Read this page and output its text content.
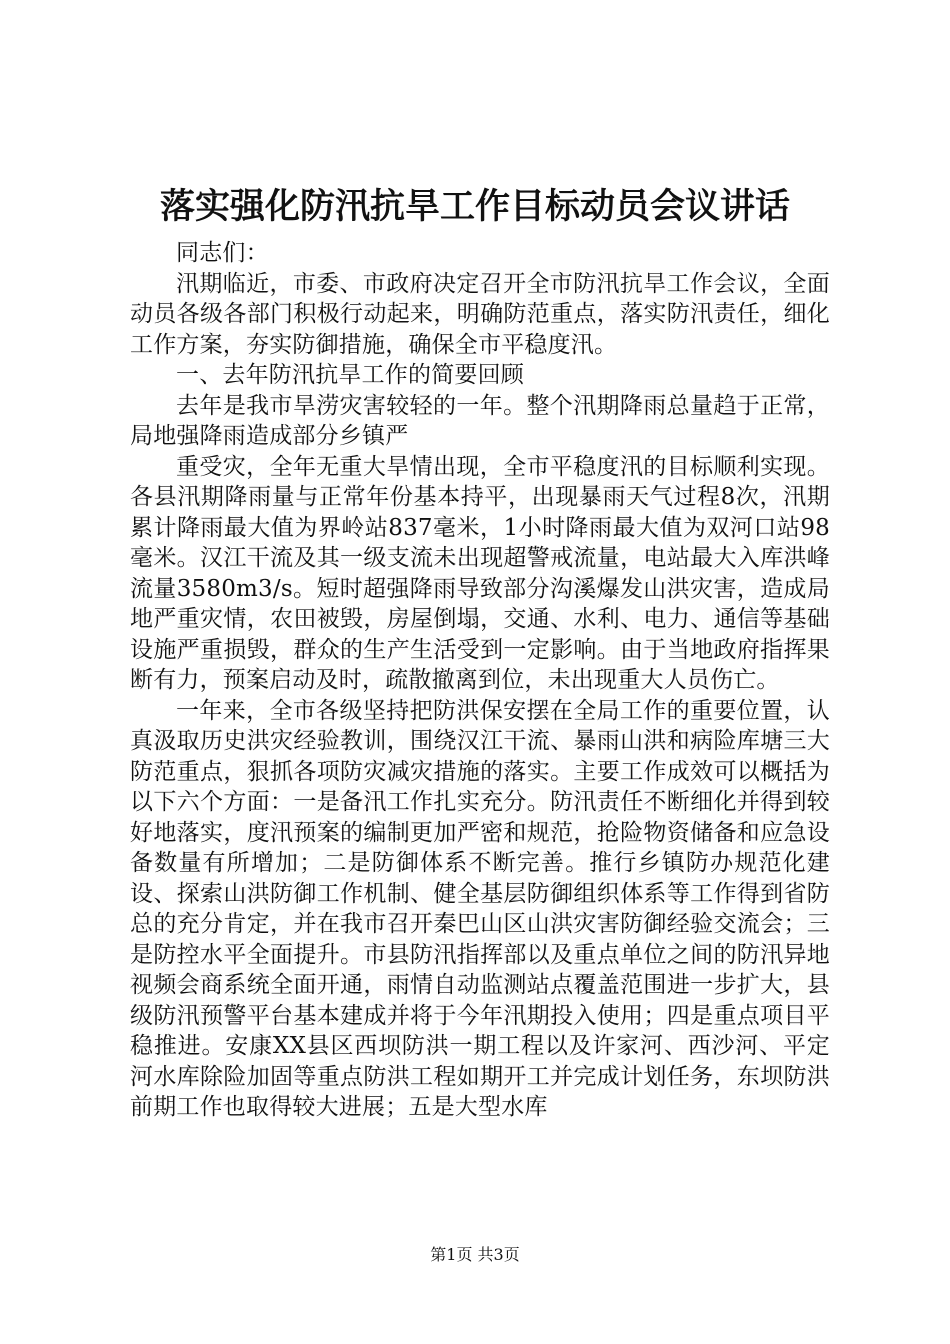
落实强化防汛抗旱工作目标动员会议讲话

同志们：

汛期临近，市委、市政府决定召开全市防汛抗旱工作会议，全面动员各级各部门积极行动起来，明确防范重点，落实防汛责任，细化工作方案，夯实防御措施，确保全市平稳度汛。

一、去年防汛抗旱工作的简要回顾

去年是我市旱涝灾害较轻的一年。整个汛期降雨总量趋于正常，局地强降雨造成部分乡镇严

重受灾，全年无重大旱情出现，全市平稳度汛的目标顺利实现。各县汛期降雨量与正常年份基本持平，出现暴雨天气过程8次，汛期累计降雨最大值为界岭站837毫米，1小时降雨最大值为双河口站98毫米。汉江干流及其一级支流未出现超警戒流量，电站最大入库洪峰流量3580m3/s。短时超强降雨导致部分沟溪爆发山洪灾害，造成局地严重灾情，农田被毁，房屋倒塌，交通、水利、电力、通信等基础设施严重损毁，群众的生产生活受到一定影响。由于当地政府指挥果断有力，预案启动及时，疏散撤离到位，未出现重大人员伤亡。

一年来，全市各级坚持把防洪保安摆在全局工作的重要位置，认真汲取历史洪灾经验教训，围绕汉江干流、暴雨山洪和病险库塘三大防范重点，狠抓各项防灾减灾措施的落实。主要工作成效可以概括为以下六个方面：一是备汛工作扎实充分。防汛责任不断细化并得到较好地落实，度汛预案的编制更加严密和规范，抢险物资储备和应急设备数量有所增加；二是防御体系不断完善。推行乡镇防办规范化建设、探索山洪防御工作机制、健全基层防御组织体系等工作得到省防总的充分肯定，并在我市召开秦巴山区山洪灾害防御经验交流会；三是防控水平全面提升。市县防汛指挥部以及重点单位之间的防汛异地视频会商系统全面开通，雨情自动监测站点覆盖范围进一步扩大，县级防汛预警平台基本建成并将于今年汛期投入使用；四是重点项目平稳推进。安康XX县区西坝防洪一期工程以及许家河、西沙河、平定河水库除险加固等重点防洪工程如期开工并完成计划任务，东坝防洪前期工作也取得较大进展；五是大型水库

第1页 共3页
